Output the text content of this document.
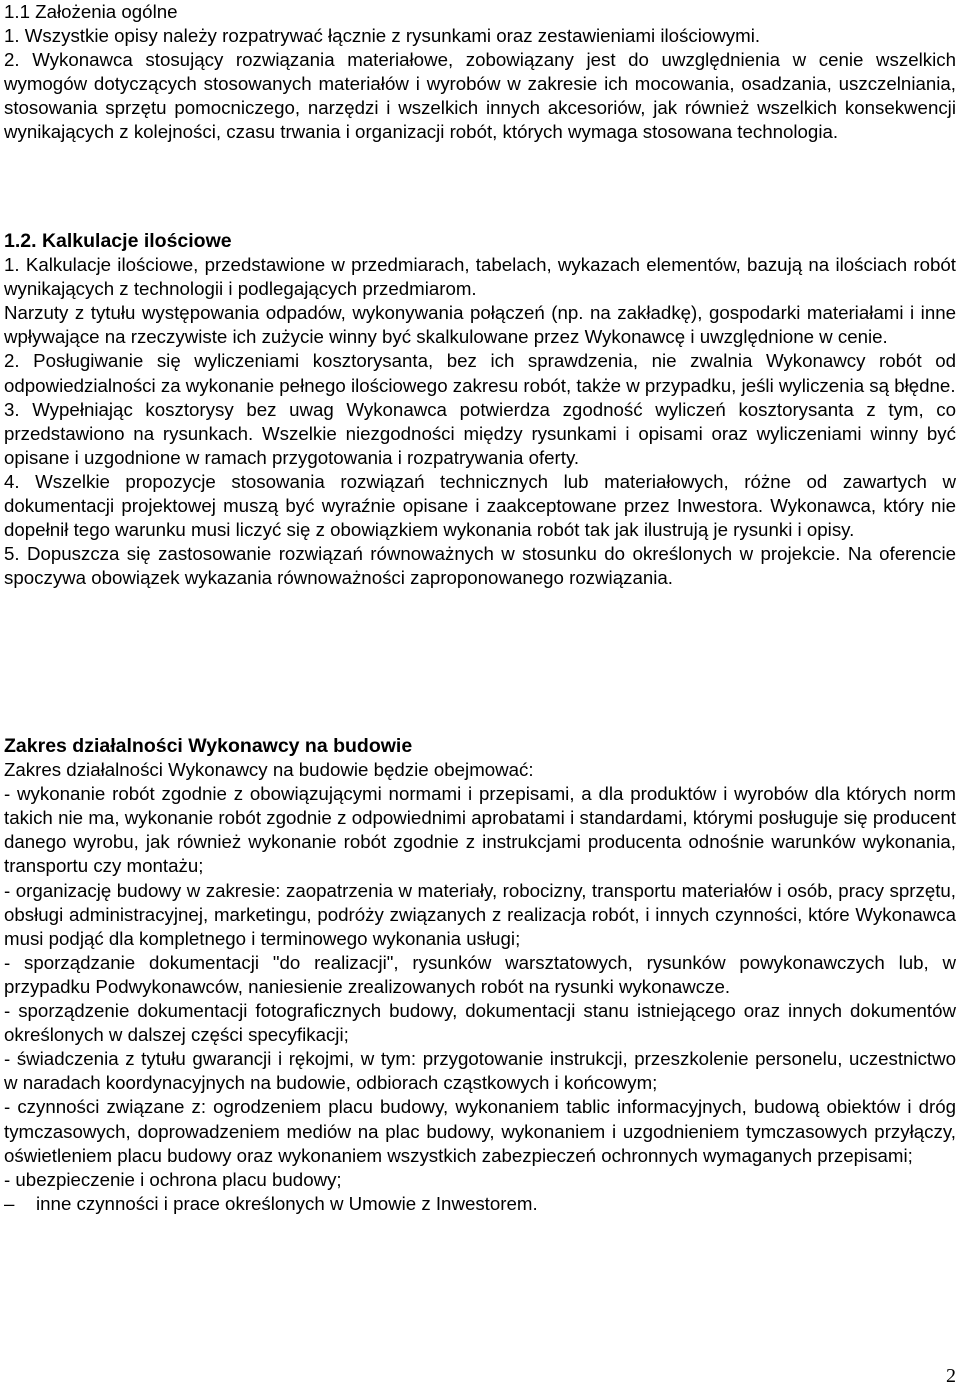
1.1 Założenia ogólne

1. Wszystkie opisy należy rozpatrywać łącznie z rysunkami oraz zestawieniami ilościowymi.

2. Wykonawca stosujący rozwiązania materiałowe, zobowiązany jest do uwzględnienia w cenie wszelkich wymogów dotyczących stosowanych materiałów i wyrobów w zakresie ich mocowania, osadzania, uszczelniania, stosowania sprzętu pomocniczego, narzędzi i wszelkich innych akcesoriów, jak również wszelkich konsekwencji wynikających z kolejności, czasu trwania i organizacji robót, których wymaga stosowana technologia.

1.2. Kalkulacje ilościowe

1. Kalkulacje ilościowe, przedstawione w przedmiarach, tabelach, wykazach elementów, bazują na ilościach robót wynikających z technologii i podlegających przedmiarom.

Narzuty z tytułu występowania odpadów, wykonywania połączeń (np. na zakładkę), gospodarki materiałami i inne wpływające na rzeczywiste ich zużycie winny być skalkulowane przez Wykonawcę i uwzględnione w cenie.

2. Posługiwanie się wyliczeniami kosztorysanta, bez ich sprawdzenia, nie zwalnia Wykonawcy robót od odpowiedzialności za wykonanie pełnego ilościowego zakresu robót, także w przypadku, jeśli wyliczenia są błędne.

3. Wypełniając kosztorysy bez uwag Wykonawca potwierdza zgodność wyliczeń kosztorysanta z tym, co przedstawiono na rysunkach. Wszelkie niezgodności między rysunkami i opisami oraz wyliczeniami winny być opisane i uzgodnione w ramach przygotowania i rozpatrywania oferty.

4. Wszelkie propozycje stosowania rozwiązań technicznych lub materiałowych, różne od zawartych w dokumentacji projektowej muszą być wyraźnie opisane i zaakceptowane przez Inwestora. Wykonawca, który nie dopełnił tego warunku musi liczyć się z obowiązkiem wykonania robót tak jak ilustrują je rysunki i opisy.

5. Dopuszcza się zastosowanie rozwiązań równoważnych w stosunku do określonych w projekcie. Na oferencie spoczywa obowiązek wykazania równoważności zaproponowanego rozwiązania.

Zakres działalności Wykonawcy na budowie

Zakres działalności Wykonawcy na budowie będzie obejmować:

- wykonanie robót zgodnie z obowiązującymi normami i przepisami, a dla produktów i wyrobów dla których norm takich nie ma, wykonanie robót zgodnie z odpowiednimi aprobatami i standardami, którymi posługuje się producent danego wyrobu, jak również wykonanie robót zgodnie z instrukcjami producenta odnośnie warunków wykonania, transportu czy montażu;

- organizację budowy w zakresie: zaopatrzenia w materiały, robocizny, transportu materiałów i osób, pracy sprzętu, obsługi administracyjnej, marketingu, podróży związanych z realizacja robót, i innych czynności, które Wykonawca musi podjąć dla kompletnego i terminowego wykonania usługi;

- sporządzanie dokumentacji "do realizacji", rysunków warsztatowych, rysunków powykonawczych lub, w przypadku Podwykonawców, naniesienie zrealizowanych robót na rysunki wykonawcze.

- sporządzenie dokumentacji fotograficznych budowy, dokumentacji stanu istniejącego oraz innych dokumentów określonych w dalszej części specyfikacji;

- świadczenia z tytułu gwarancji i rękojmi, w tym: przygotowanie instrukcji, przeszkolenie personelu, uczestnictwo w naradach koordynacyjnych na budowie, odbiorach cząstkowych i końcowym;

- czynności związane z: ogrodzeniem placu budowy, wykonaniem tablic informacyjnych, budową obiektów i dróg tymczasowych, doprowadzeniem mediów na plac budowy, wykonaniem i uzgodnieniem tymczasowych przyłączy, oświetleniem placu budowy oraz wykonaniem wszystkich zabezpieczeń ochronnych wymaganych przepisami;

- ubezpieczenie i ochrona placu budowy;

–	inne czynności i prace określonych w Umowie z Inwestorem.
2
